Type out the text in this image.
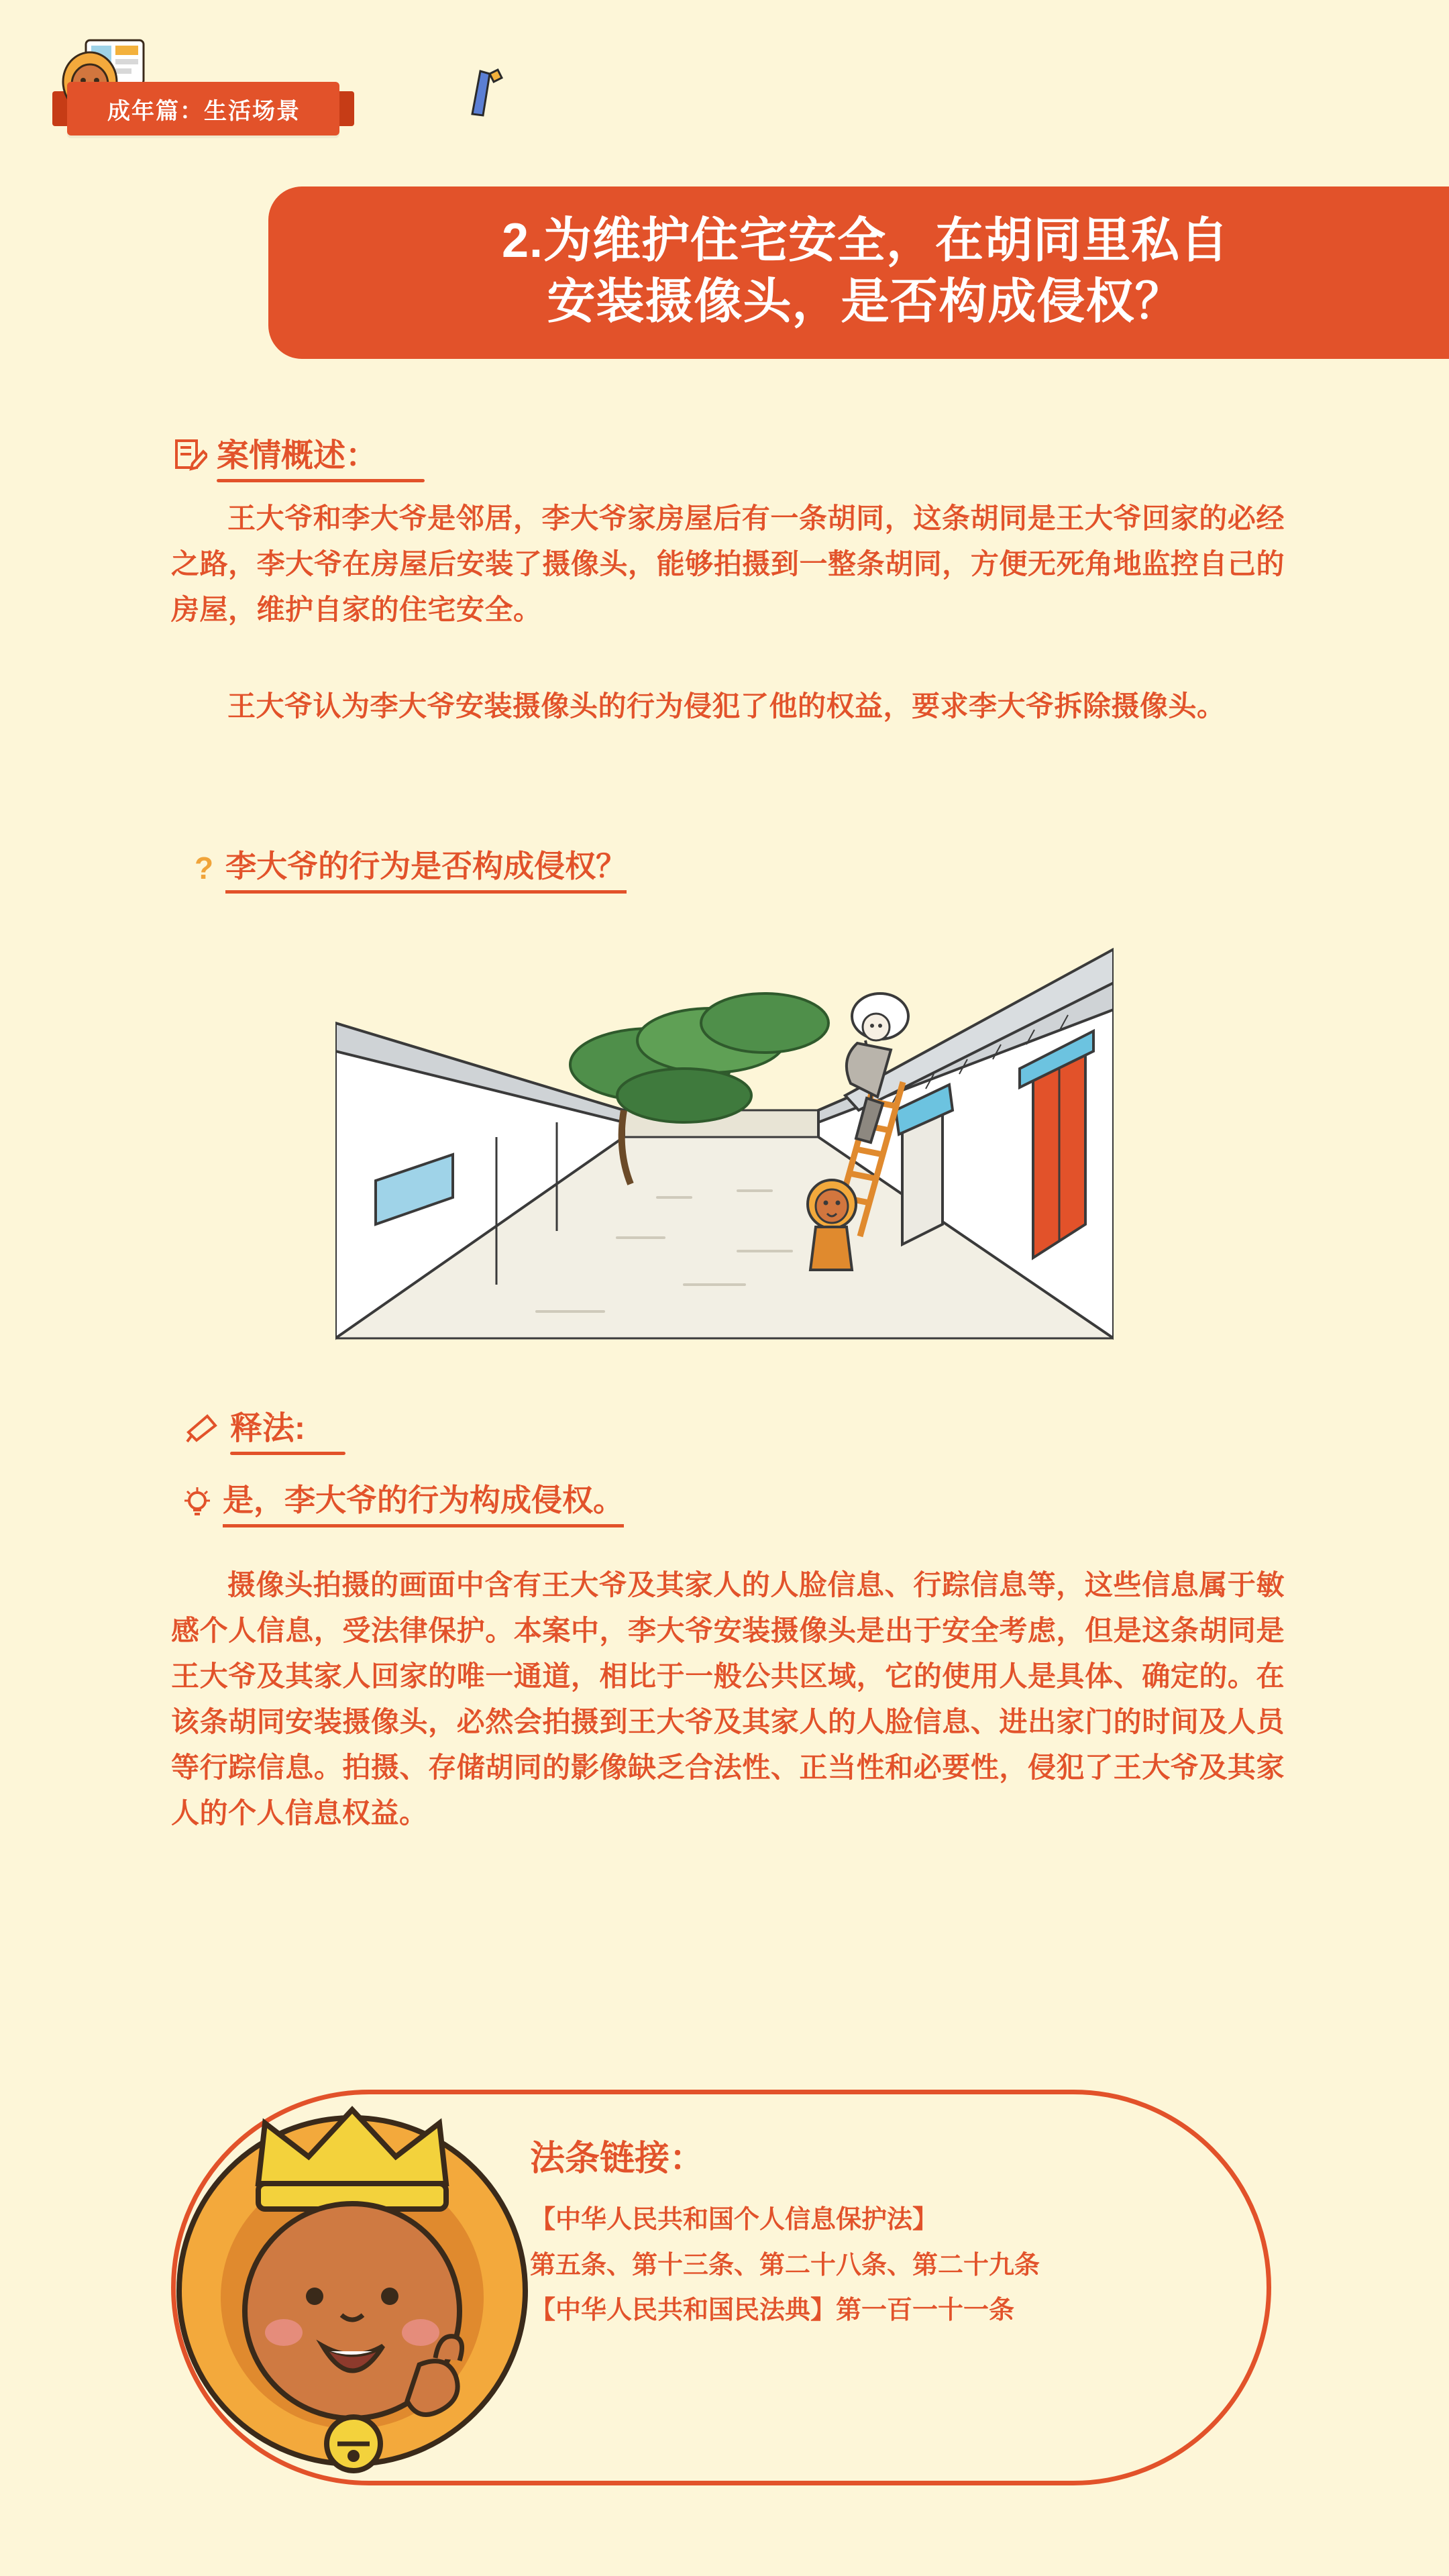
成年篇：生活场景
2.为维护住宅安全，在胡同里私自
安装摄像头，是否构成侵权？
案情概述：
王大爷和李大爷是邻居，李大爷家房屋后有一条胡同，这条胡同是王大爷回家的必经之路，李大爷在房屋后安装了摄像头，能够拍摄到一整条胡同，方便无死角地监控自己的房屋，维护自家的住宅安全。
王大爷认为李大爷安装摄像头的行为侵犯了他的权益，要求李大爷拆除摄像头。
? 李大爷的行为是否构成侵权？
释法:
是，李大爷的行为构成侵权。
摄像头拍摄的画面中含有王大爷及其家人的人脸信息、行踪信息等，这些信息属于敏感个人信息，受法律保护。本案中，李大爷安装摄像头是出于安全考虑，但是这条胡同是王大爷及其家人回家的唯一通道，相比于一般公共区域，它的使用人是具体、确定的。在该条胡同安装摄像头，必然会拍摄到王大爷及其家人的人脸信息、进出家门的时间及人员等行踪信息。拍摄、存储胡同的影像缺乏合法性、正当性和必要性，侵犯了王大爷及其家人的个人信息权益。
法条链接：
【中华人民共和国个人信息保护法】
第五条、第十三条、第二十八条、第二十九条
【中华人民共和国民法典】第一百一十一条
